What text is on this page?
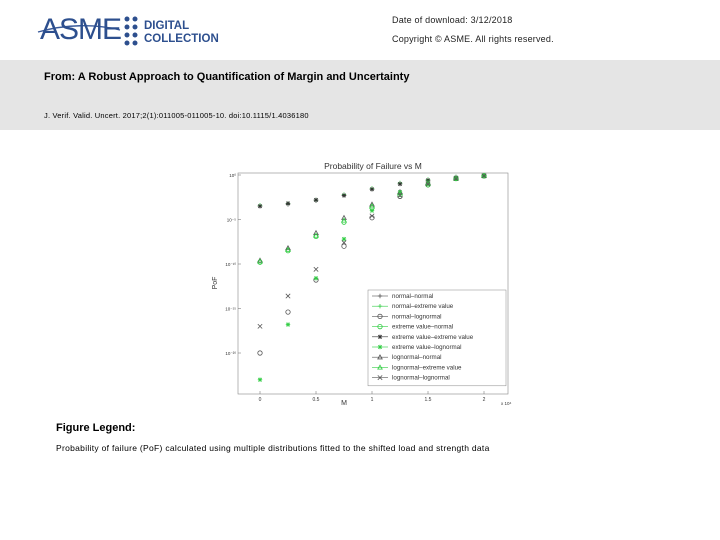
ASME DIGITAL
COLLECTION
Date of download: 3/12/2018
Copyright © ASME. All rights reserved.
From: A Robust Approach to Quantification of Margin and Uncertainty
J. Verif. Valid. Uncert. 2017;2(1):011005-011005-10. doi:10.1115/1.4036180
Probability of Failure vs M
10⁰
10⁻⁵
10⁻¹⁰
10⁻¹⁵
10⁻²⁰
0	0.5	1	1.5	2
x 10⁴
M
PoF
normal–normal
normal–extreme value
normal–lognormal
extreme value–normal
extreme value–extreme value
extreme value–lognormal
lognormal–normal
lognormal–extreme value
lognormal–lognormal
Figure Legend:
Probability of failure (PoF) calculated using multiple distributions fitted to the shifted load and strength data
